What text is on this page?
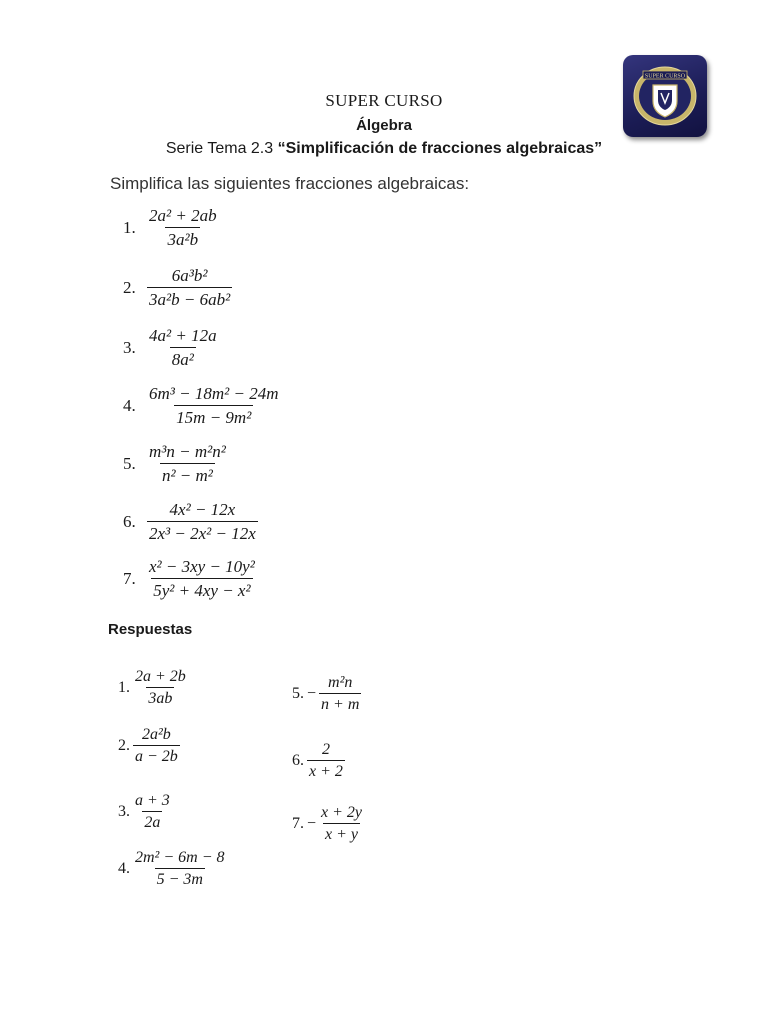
SUPER CURSO
SUPER CURSO
Álgebra
Serie Tema 2.3 “Simplificación de fracciones algebraicas”
Simplifica las siguientes fracciones algebraicas:
1. $\frac{\text{2a² + 2ab}}{\text{3a²b}}$
2. $\frac{\text{6a³b²}}{\text{3a²b − 6ab²}}$
3. $\frac{\text{4a² + 12a}}{\text{8a²}}$
4. $\frac{\text{6m³ − 18m² − 24m}}{\text{15m − 9m²}}$
5. $\frac{\text{m³n − m²n²}}{\text{n² − m²}}$
6. $\frac{\text{4x² − 12x}}{\text{2x³ − 2x² − 12x}}$
7. $\frac{\text{x² − 3xy − 10y²}}{\text{5y² + 4xy − x²}}$
Respuestas
1. $\frac{2a + 2b}{3ab}$
2. $\frac{\text{2a²b}}{a - 2b}$
3. $\frac{a + 3}{2a}$
4. $\frac{\text{2m² − 6m − 8}}{5 - 3m}$
5. − $\frac{\text{m²n}}{n + m}$
6. $\frac{2}{x + 2}$
7. − $\frac{x + 2y}{x + y}$
